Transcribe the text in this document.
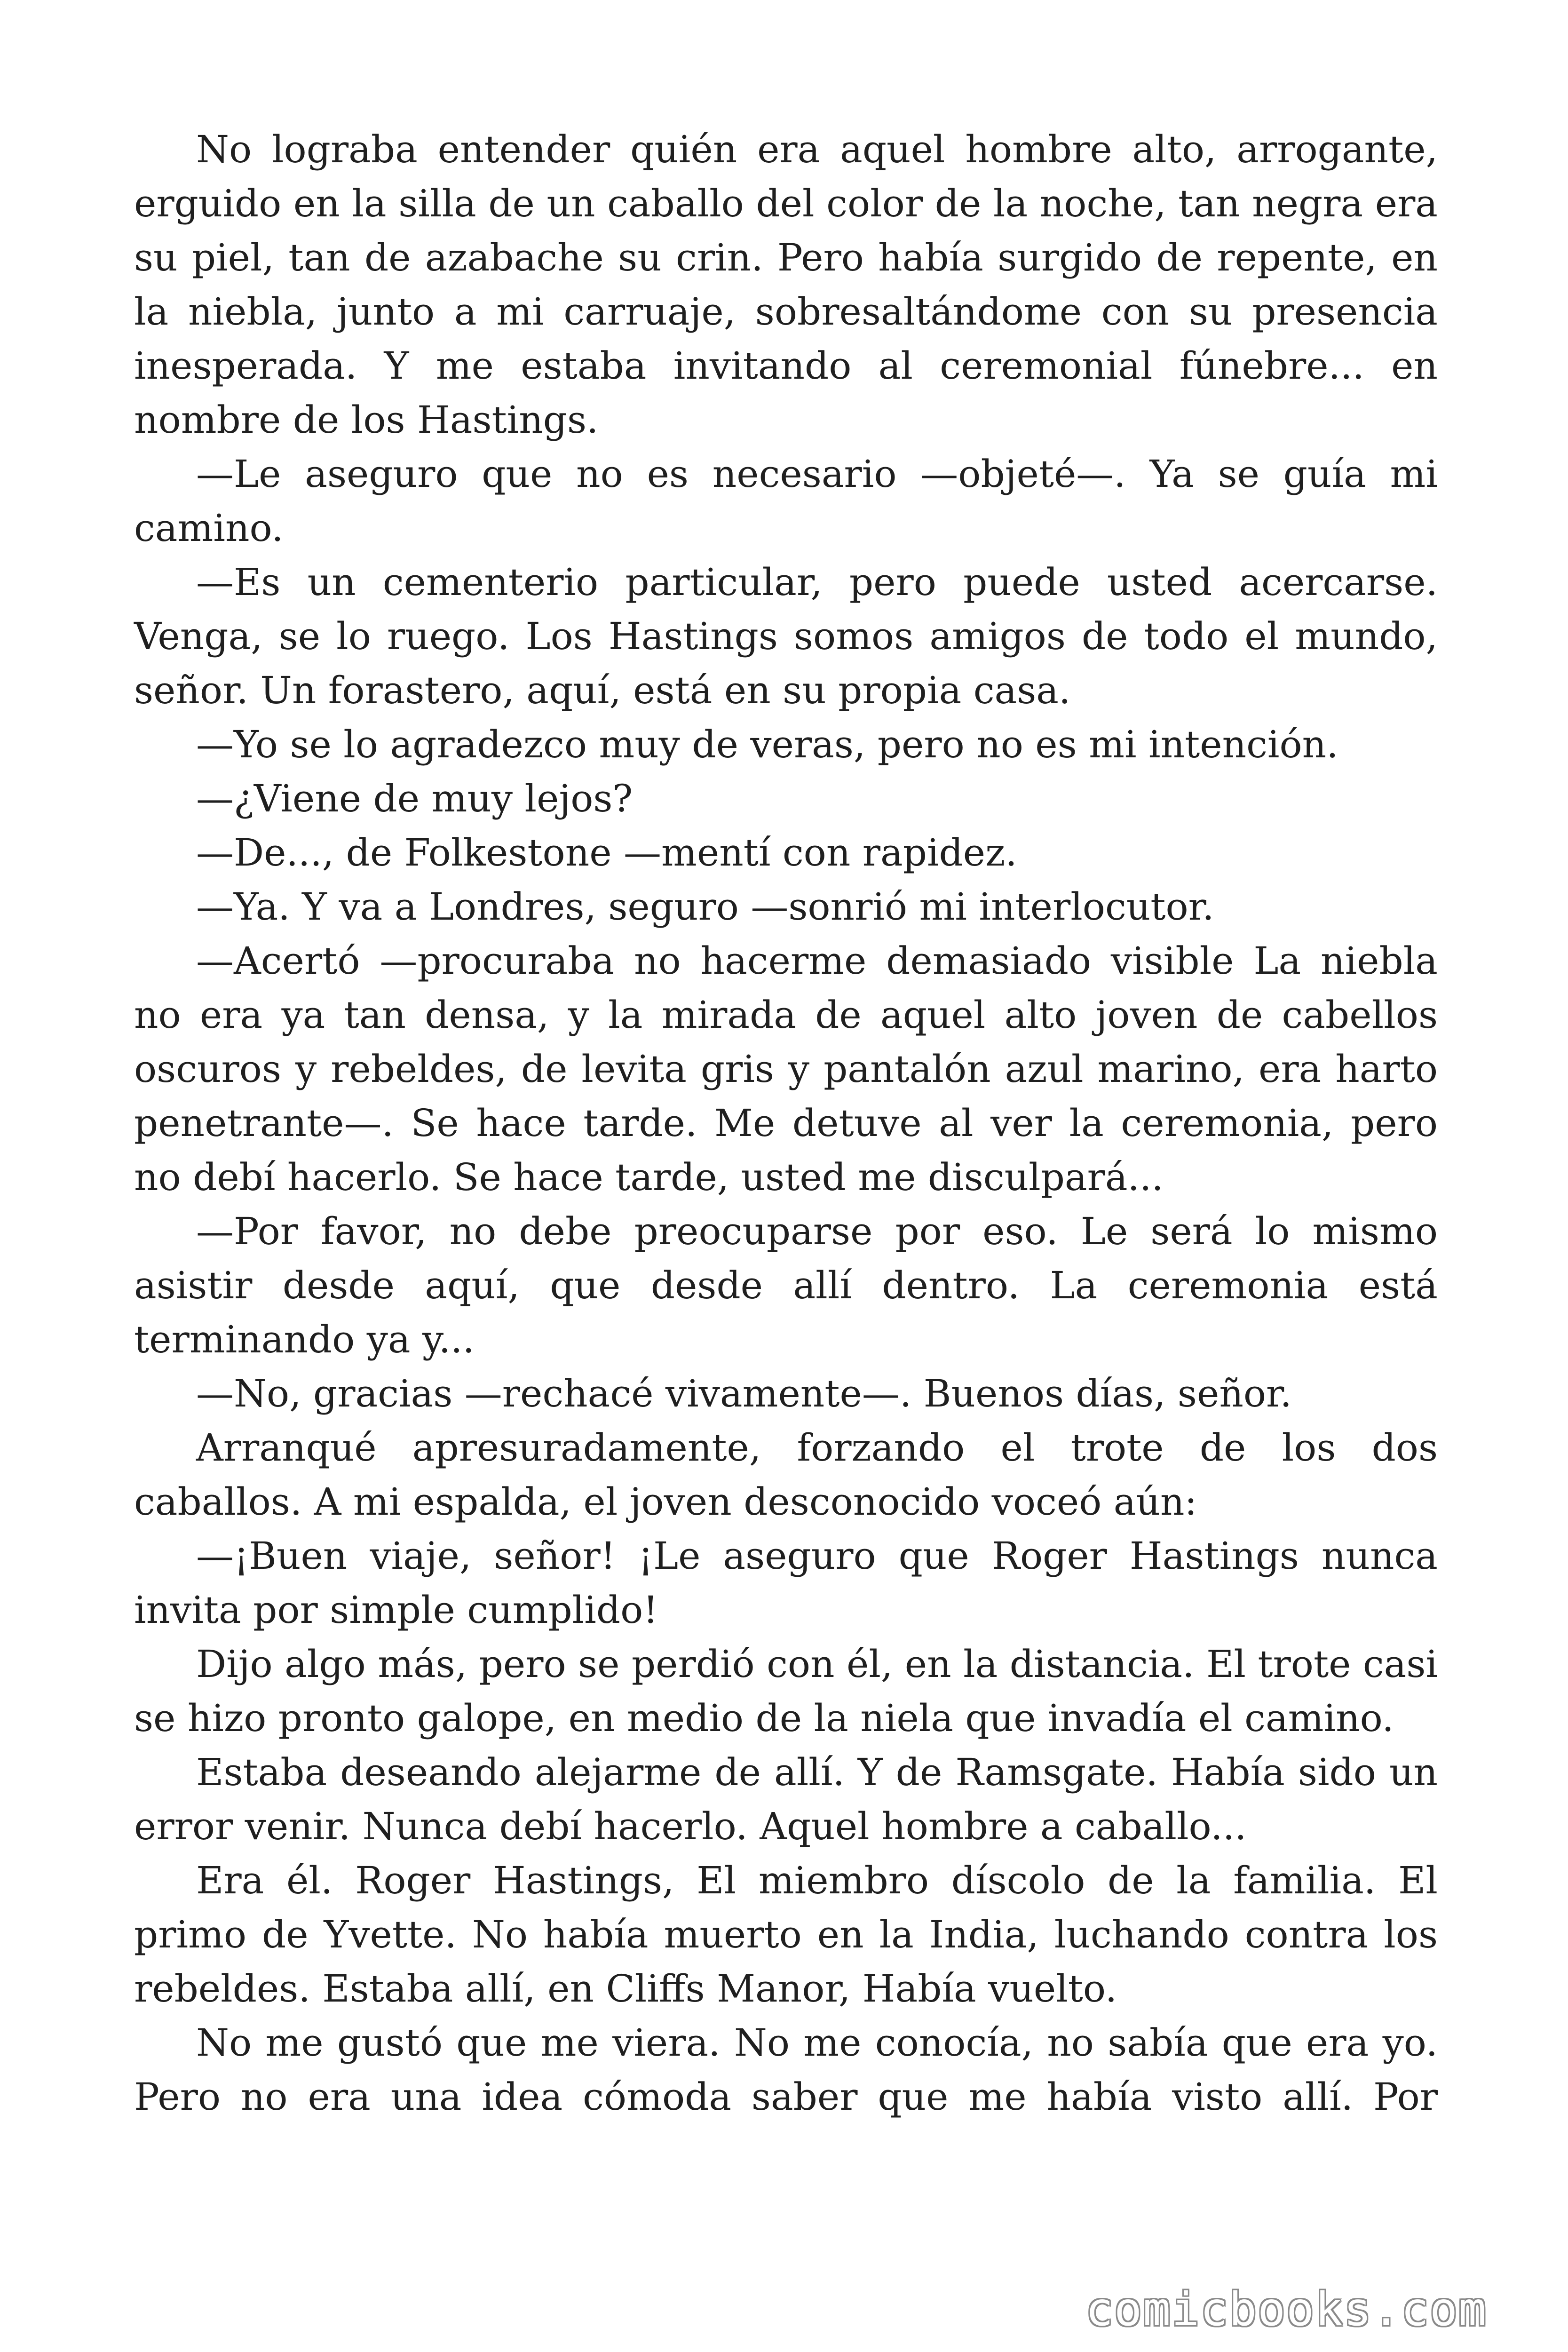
No lograba entender quién era aquel hombre alto, arrogante, erguido en la silla de un caballo del color de la noche, tan negra era su piel, tan de azabache su crin. Pero había surgido de repente, en la niebla, junto a mi carruaje, sobresaltándome con su presencia inesperada. Y me estaba invitando al ceremonial fúnebre... en nombre de los Hastings.

—Le aseguro que no es necesario —objeté—. Ya se guía mi camino.

—Es un cementerio particular, pero puede usted acercarse. Venga, se lo ruego. Los Hastings somos amigos de todo el mundo, señor. Un forastero, aquí, está en su propia casa.

—Yo se lo agradezco muy de veras, pero no es mi intención.

—¿Viene de muy lejos?

—De..., de Folkestone —mentí con rapidez.

—Ya. Y va a Londres, seguro —sonrió mi interlocutor.

—Acertó —procuraba no hacerme demasiado visible La niebla no era ya tan densa, y la mirada de aquel alto joven de cabellos oscuros y rebeldes, de levita gris y pantalón azul marino, era harto penetrante—. Se hace tarde. Me detuve al ver la ceremonia, pero no debí hacerlo. Se hace tarde, usted me disculpará...

—Por favor, no debe preocuparse por eso. Le será lo mismo asistir desde aquí, que desde allí dentro. La ceremonia está terminando ya y...

—No, gracias —rechacé vivamente—. Buenos días, señor.

Arranqué apresuradamente, forzando el trote de los dos caballos. A mi espalda, el joven desconocido voceó aún:

—¡Buen viaje, señor! ¡Le aseguro que Roger Hastings nunca invita por simple cumplido!

Dijo algo más, pero se perdió con él, en la distancia. El trote casi se hizo pronto galope, en medio de la niela que invadía el camino.

Estaba deseando alejarme de allí. Y de Ramsgate. Había sido un error venir. Nunca debí hacerlo. Aquel hombre a caballo...

Era él. Roger Hastings, El miembro díscolo de la familia. El primo de Yvette. No había muerto en la India, luchando contra los rebeldes. Estaba allí, en Cliffs Manor, Había vuelto.

No me gustó que me viera. No me conocía, no sabía que era yo. Pero no era una idea cómoda saber que me había visto allí. Por

comicbooks.com
